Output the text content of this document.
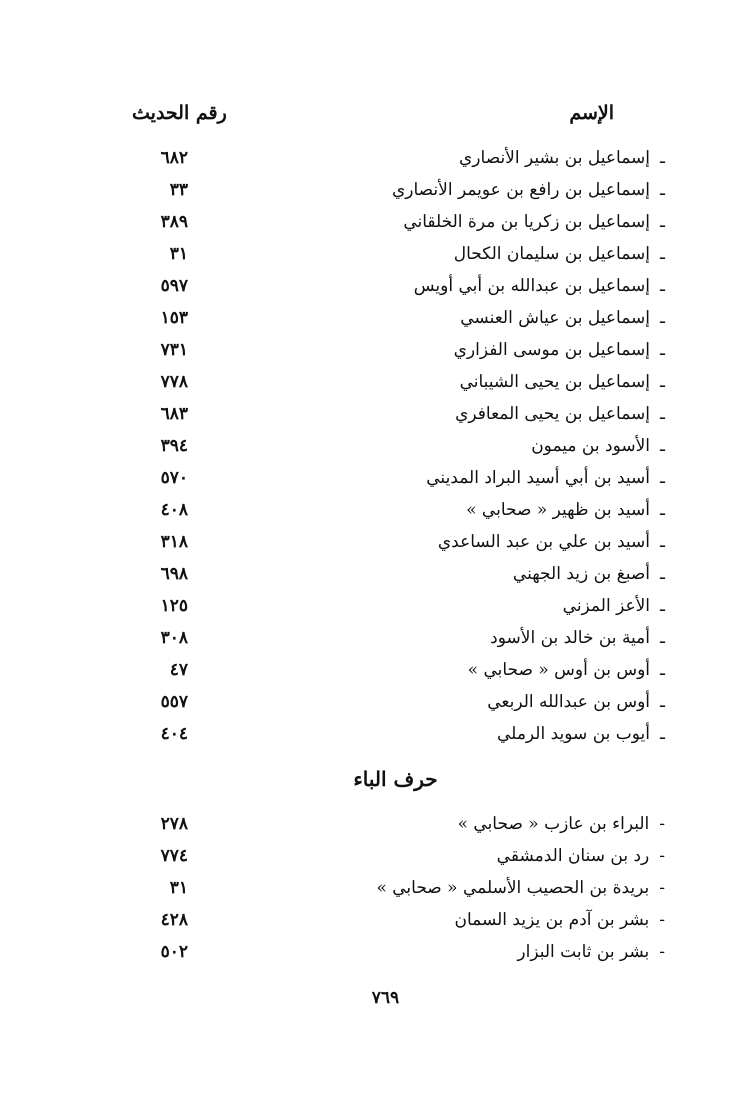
الإسم
رقم الحديث
ـإسماعيل بن بشير الأنصاري
٦٨٢
ـإسماعيل بن رافع بن عويمر الأنصاري
٣٣
ـإسماعيل بن زكريا بن مرة الخلقاني
٣٨٩
ـإسماعيل بن سليمان الكحال
٣١
ـإسماعيل بن عبدالله بن أبي أويس
٥٩٧
ـإسماعيل بن عياش العنسي
١٥٣
ـإسماعيل بن موسى الفزاري
٧٣١
ـإسماعيل بن يحيى الشيباني
٧٧٨
ـإسماعيل بن يحيى المعافري
٦٨٣
ـالأسود بن ميمون
٣٩٤
ـأسيد بن أبي أسيد البراد المديني
٥٧٠
ـأسيد بن ظهير « صحابي »
٤٠٨
ـأسيد بن علي بن عبد الساعدي
٣١٨
ـأصبغ بن زيد الجهني
٦٩٨
ـالأعز المزني
١٢٥
ـأمية بن خالد بن الأسود
٣٠٨
ـأوس بن أوس « صحابي »
٤٧
ـأوس بن عبدالله الربعي
٥٥٧
ـأيوب بن سويد الرملي
٤٠٤
حرف الباء
-البراء بن عازب « صحابي »
٢٧٨
-رد بن سنان الدمشقي
٧٧٤
-بريدة بن الحصيب الأسلمي « صحابي »
٣١
-بشر بن آدم بن يزيد السمان
٤٢٨
-بشر بن ثابت البزار
٥٠٢
٧٦٩
